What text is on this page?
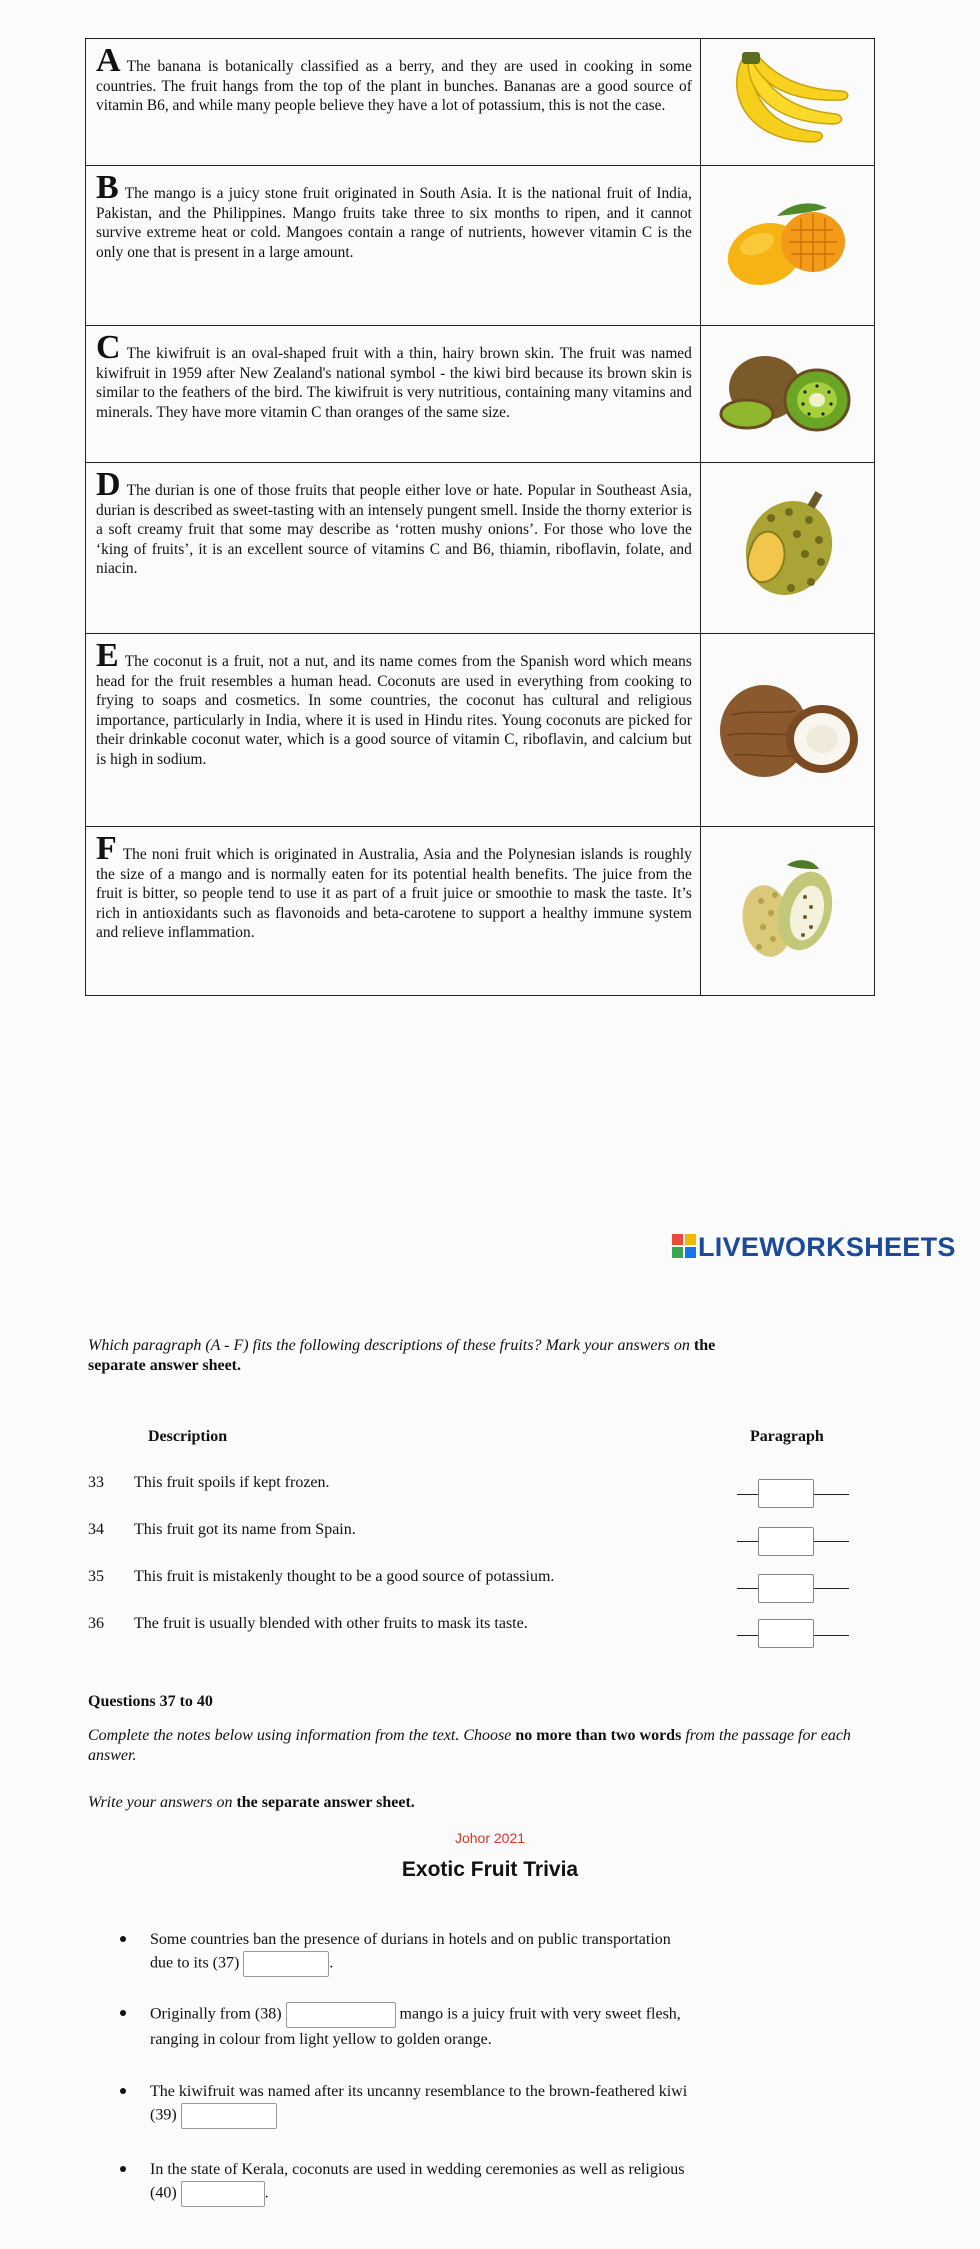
A The banana is botanically classified as a berry, and they are used in cooking in some countries. The fruit hangs from the top of the plant in bunches. Bananas are a good source of vitamin B6, and while many people believe they have a lot of potassium, this is not the case.	

B The mango is a juicy stone fruit originated in South Asia. It is the national fruit of India, Pakistan, and the Philippines. Mango fruits take three to six months to ripen, and it cannot survive extreme heat or cold. Mangoes contain a range of nutrients, however vitamin C is the only one that is present in a large amount.	

C The kiwifruit is an oval-shaped fruit with a thin, hairy brown skin. The fruit was named kiwifruit in 1959 after New Zealand's national symbol - the kiwi bird because its brown skin is similar to the feathers of the bird. The kiwifruit is very nutritious, containing many vitamins and minerals. They have more vitamin C than oranges of the same size.	

D The durian is one of those fruits that people either love or hate. Popular in Southeast Asia, durian is described as sweet-tasting with an intensely pungent smell. Inside the thorny exterior is a soft creamy fruit that some may describe as ‘rotten mushy onions’. For those who love the ‘king of fruits’, it is an excellent source of vitamins C and B6, thiamin, riboflavin, folate, and niacin.	

E The coconut is a fruit, not a nut, and its name comes from the Spanish word which means head for the fruit resembles a human head. Coconuts are used in everything from cooking to frying to soaps and cosmetics. In some countries, the coconut has cultural and religious importance, particularly in India, where it is used in Hindu rites. Young coconuts are picked for their drinkable coconut water, which is a good source of vitamin C, riboflavin, and calcium but is high in sodium.	

F The noni fruit which is originated in Australia, Asia and the Polynesian islands is roughly the size of a mango and is normally eaten for its potential health benefits. The juice from the fruit is bitter, so people tend to use it as part of a fruit juice or smoothie to mask the taste. It’s rich in antioxidants such as flavonoids and beta-carotene to support a healthy immune system and relieve inflammation.	
LIVEWORKSHEETS
Which paragraph (A - F) fits the following descriptions of these fruits? Mark your answers on the
separate answer sheet.
Description	Paragraph
33 This fruit spoils if kept frozen.
34 This fruit got its name from Spain.
35 This fruit is mistakenly thought to be a good source of potassium.
36 The fruit is usually blended with other fruits to mask its taste.
Questions 37 to 40
Complete the notes below using information from the text. Choose no more than two words from the passage for each answer.
Write your answers on the separate answer sheet.
Johor 2021
Exotic Fruit Trivia
Some countries ban the presence of durians in hotels and on public transportation
due to its (37)	.
Originally from (38)	mango is a juicy fruit with very sweet flesh,
ranging in colour from light yellow to golden orange.
The kiwifruit was named after its uncanny resemblance to the brown-feathered kiwi
(39)
In the state of Kerala, coconuts are used in wedding ceremonies as well as religious
(40)	.
